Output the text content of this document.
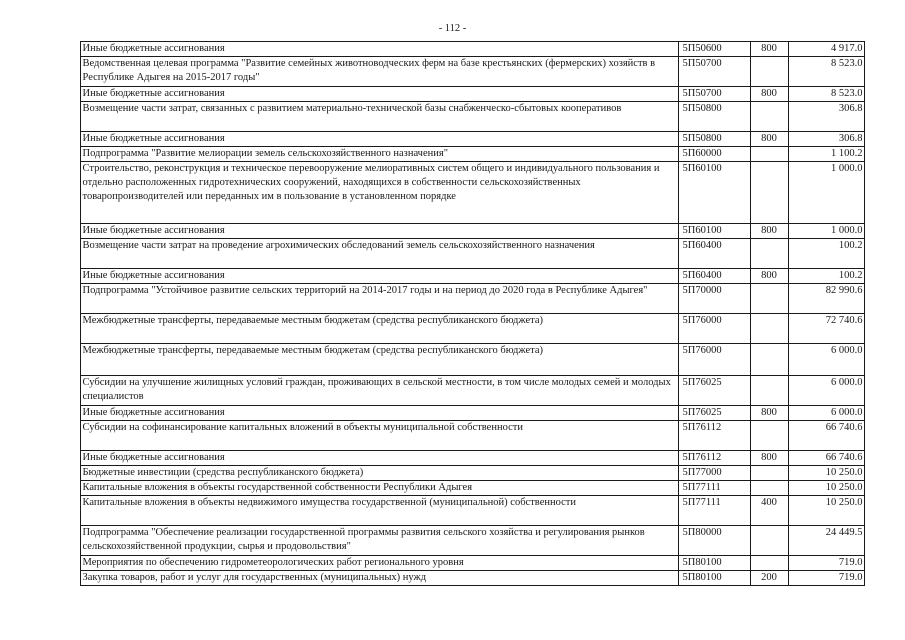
- 112 -
	Иные бюджетные ассигнования	5П50600	800	4 917.0
	Ведомственная целевая программа "Развитие семейных животноводческих ферм на базе крестьянских (фермерских) хозяйств в Республике Адыгея на 2015-2017 годы"	5П50700		8 523.0
	Иные бюджетные ассигнования	5П50700	800	8 523.0
	Возмещение части затрат, связанных с развитием материально-технической базы снабженческо-сбытовых кооперативов	5П50800		306.8
	Иные бюджетные ассигнования	5П50800	800	306.8
	Подпрограмма "Развитие мелиорации земель сельскохозяйственного назначения"	5П60000		1 100.2
	Строительство, реконструкция и техническое перевооружение мелиоративных систем общего и индивидуального пользования и отдельно расположенных гидротехнических сооружений, находящихся в собственности сельскохозяйственных товаропроизводителей или переданных им в пользование в установленном порядке	5П60100		1 000.0
	Иные бюджетные ассигнования	5П60100	800	1 000.0
	Возмещение части затрат на проведение агрохимических обследований земель сельскохозяйственного назначения	5П60400		100.2
	Иные бюджетные ассигнования	5П60400	800	100.2
	Подпрограмма "Устойчивое развитие сельских территорий на 2014-2017 годы и на период до 2020 года в Республике Адыгея"	5П70000		82 990.6
	Межбюджетные трансферты, передаваемые местным бюджетам (средства республиканского бюджета)	5П76000		72 740.6
	Межбюджетные трансферты, передаваемые местным бюджетам (средства республиканского бюджета)	5П76000		6 000.0
	Субсидии на улучшение жилищных условий граждан, проживающих в сельской местности, в том числе молодых семей и молодых специалистов	5П76025		6 000.0
	Иные бюджетные ассигнования	5П76025	800	6 000.0
	Субсидии на софинансирование капитальных вложений в объекты муниципальной собственности	5П76112		66 740.6
	Иные бюджетные ассигнования	5П76112	800	66 740.6
	Бюджетные инвестиции (средства республиканского бюджета)	5П77000		10 250.0
	Капитальные вложения в объекты государственной собственности Республики Адыгея	5П77111		10 250.0
	Капитальные вложения в объекты недвижимого имущества государственной (муниципальной) собственности	5П77111	400	10 250.0
	Подпрограмма "Обеспечение реализации государственной программы развития сельского хозяйства и регулирования рынков сельскохозяйственной продукции, сырья и продовольствия"	5П80000		24 449.5
	Мероприятия по обеспечению гидрометеорологических работ регионального уровня	5П80100		719.0
	Закупка товаров, работ и услуг для государственных (муниципальных) нужд	5П80100	200	719.0
